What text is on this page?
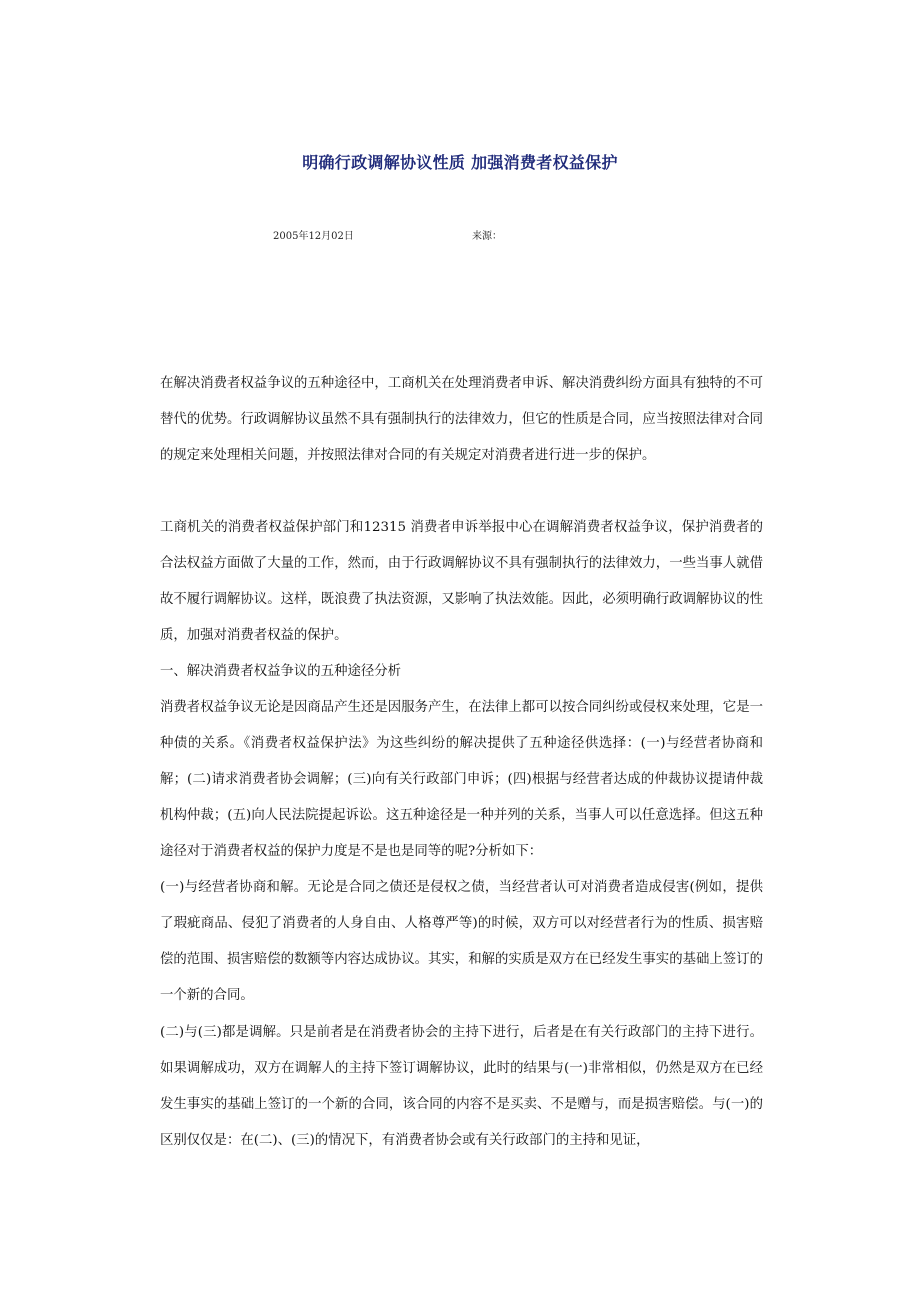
明确行政调解协议性质 加强消费者权益保护
2005年12月02日	来源：

在解决消费者权益争议的五种途径中，工商机关在处理消费者申诉、解决消费纠纷方面具有独特的不可替代的优势。行政调解协议虽然不具有强制执行的法律效力，但它的性质是合同，应当按照法律对合同的规定来处理相关问题，并按照法律对合同的有关规定对消费者进行进一步的保护。

工商机关的消费者权益保护部门和12315 消费者申诉举报中心在调解消费者权益争议，保护消费者的合法权益方面做了大量的工作，然而，由于行政调解协议不具有强制执行的法律效力，一些当事人就借故不履行调解协议。这样，既浪费了执法资源，又影响了执法效能。因此，必须明确行政调解协议的性质，加强对消费者权益的保护。

一、解决消费者权益争议的五种途径分析

消费者权益争议无论是因商品产生还是因服务产生，在法律上都可以按合同纠纷或侵权来处理，它是一种债的关系。《消费者权益保护法》为这些纠纷的解决提供了五种途径供选择：(一)与经营者协商和解；(二)请求消费者协会调解；(三)向有关行政部门申诉；(四)根据与经营者达成的仲裁协议提请仲裁机构仲裁；(五)向人民法院提起诉讼。这五种途径是一种并列的关系，当事人可以任意选择。但这五种途径对于消费者权益的保护力度是不是也是同等的呢?分析如下：

(一)与经营者协商和解。无论是合同之债还是侵权之债，当经营者认可对消费者造成侵害(例如，提供了瑕疵商品、侵犯了消费者的人身自由、人格尊严等)的时候，双方可以对经营者行为的性质、损害赔偿的范围、损害赔偿的数额等内容达成协议。其实，和解的实质是双方在已经发生事实的基础上签订的一个新的合同。

(二)与(三)都是调解。只是前者是在消费者协会的主持下进行，后者是在有关行政部门的主持下进行。如果调解成功，双方在调解人的主持下签订调解协议，此时的结果与(一)非常相似，仍然是双方在已经发生事实的基础上签订的一个新的合同，该合同的内容不是买卖、不是赠与，而是损害赔偿。与(一)的区别仅仅是：在(二)、(三)的情况下，有消费者协会或有关行政部门的主持和见证，
